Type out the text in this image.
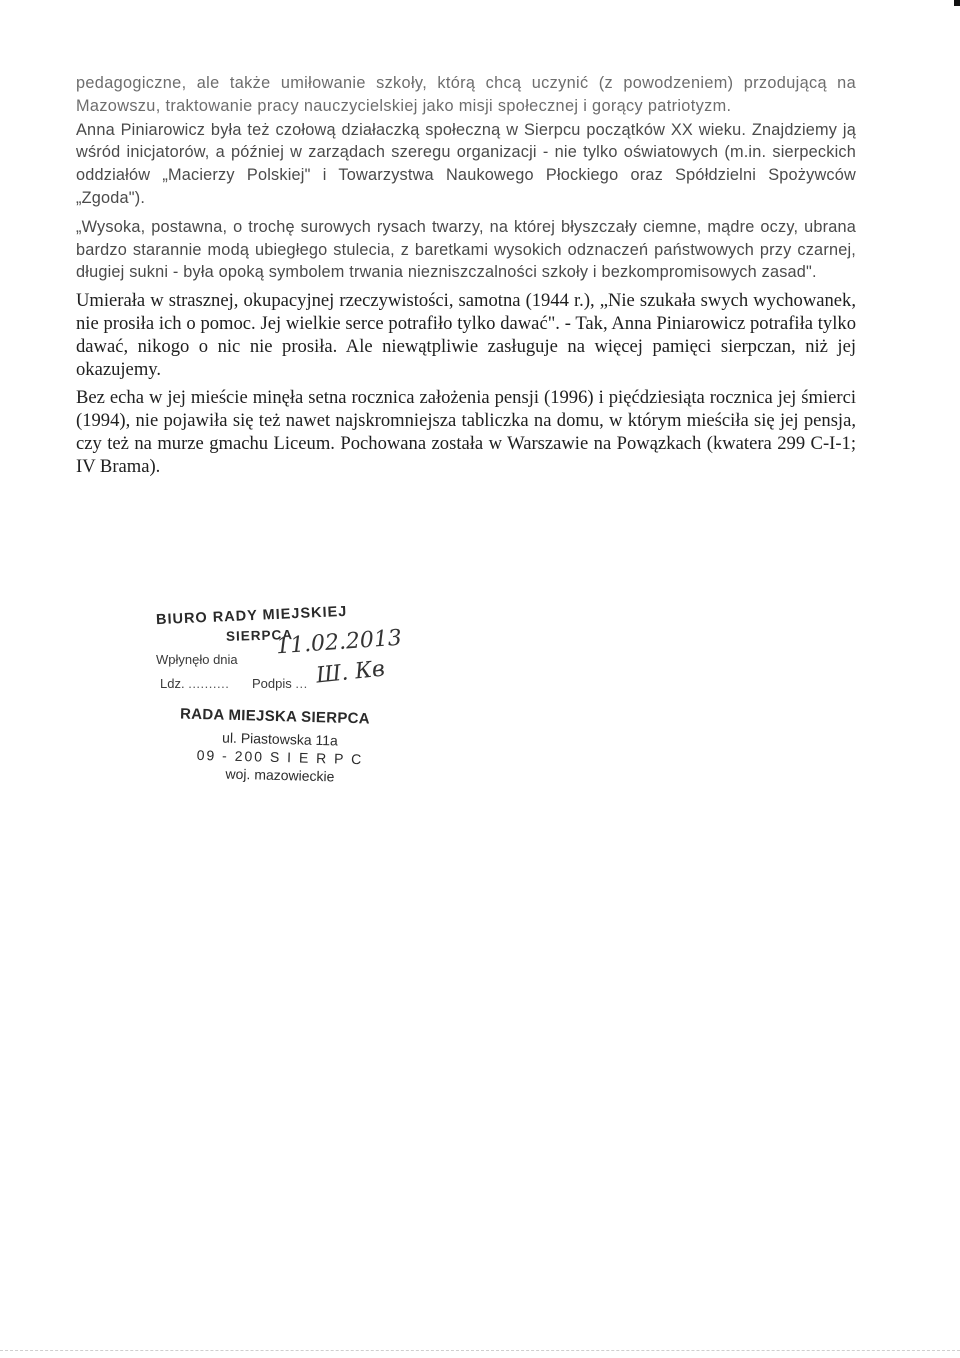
pedagogiczne, ale także umiłowanie szkoły, którą chcą uczynić (z powodzeniem) przodującą na Mazowszu, traktowanie pracy nauczycielskiej jako misji społecznej i gorący patriotyzm.

Anna Piniarowicz była też czołową działaczką społeczną w Sierpcu początków XX wieku. Znajdziemy ją wśród inicjatorów, a później w zarządach szeregu organizacji - nie tylko oświatowych (m.in. sierpeckich oddziałów „Macierzy Polskiej" i Towarzystwa Naukowego Płockiego oraz Spółdzielni Spożywców „Zgoda").

„Wysoka, postawna, o trochę surowych rysach twarzy, na której błyszczały ciemne, mądre oczy, ubrana bardzo starannie modą ubiegłego stulecia, z baretkami wysokich odznaczeń państwowych przy czarnej, długiej sukni - była opoką symbolem trwania niezniszczalności szkoły i bezkompromisowych zasad".

Umierała w strasznej, okupacyjnej rzeczywistości, samotna (1944 r.), „Nie szukała swych wychowanek, nie prosiła ich o pomoc. Jej wielkie serce potrafiło tylko dawać". - Tak, Anna Piniarowicz potrafiła tylko dawać, nikogo o nic nie prosiła. Ale niewątpliwie zasługuje na więcej pamięci sierpczan, niż jej okazujemy.

Bez echa w jej mieście minęła setna rocznica założenia pensji (1996) i pięćdziesiąta rocznica jej śmierci (1994), nie pojawiła się też nawet najskromniejsza tabliczka na domu, w którym mieściła się jej pensja, czy też na murze gmachu Liceum. Pochowana została w Warszawie na Powązkach (kwatera 299 C-I-1; IV Brama).

BIURO RADY MIEJSKIEJ
SIERPCA
Wpłynęło dnia
Ldz. .......... Podpis ...
11.02.2013
Ш. Кв
RADA MIEJSKA SIERPCA
ul. Piastowska 11a
09 - 200 S I E R P C
woj. mazowieckie
